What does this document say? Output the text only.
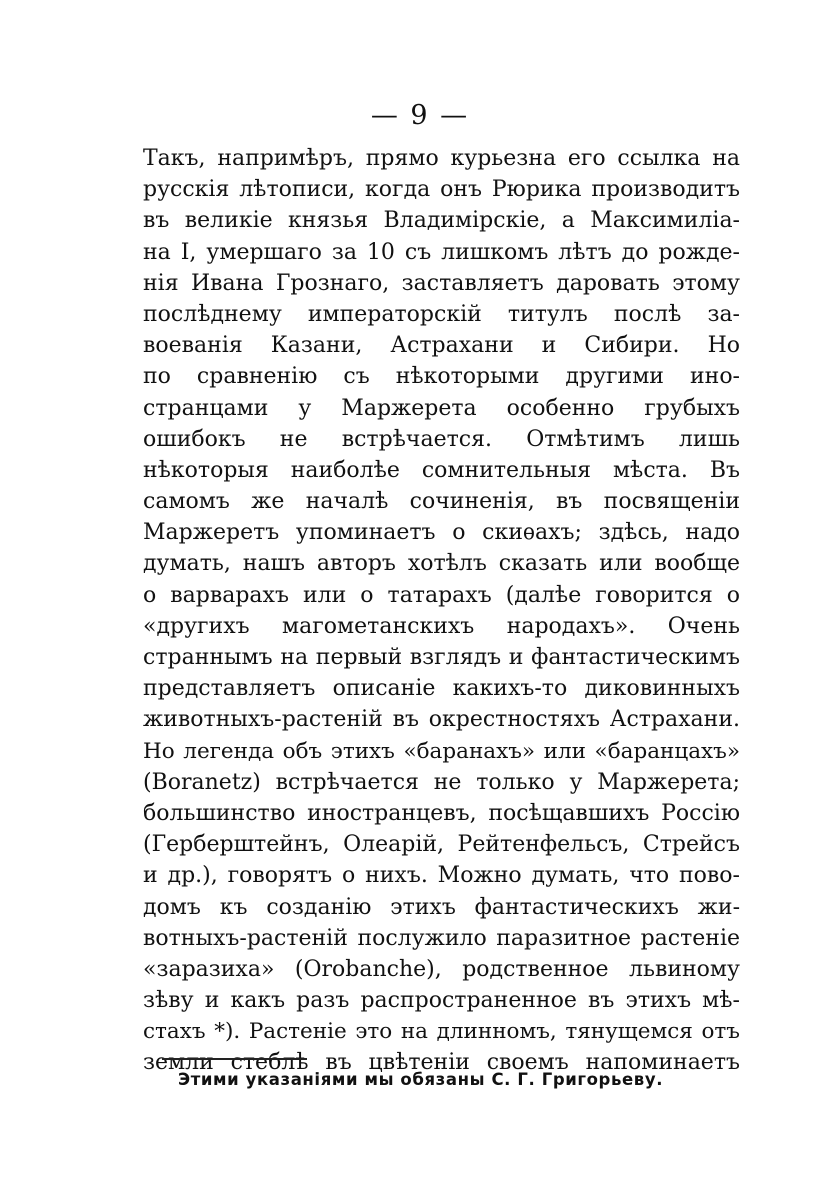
— 9 —
Такъ, напримѣръ, прямо курьезна его ссылка на
русскія лѣтописи, когда онъ Рюрика производитъ
въ великіе князья Владимірскіе, а Максимиліа-
на I, умершаго за 10 съ лишкомъ лѣтъ до рожде-
нія Ивана Грознаго, заставляетъ даровать этому
послѣднему императорскій титулъ послѣ за-
воеванія Казани, Астрахани и Сибири. Но
по сравненію съ нѣкоторыми другими ино-
странцами у Маржерета особенно грубыхъ
ошибокъ не встрѣчается. Отмѣтимъ лишь
нѣкоторыя наиболѣе сомнительныя мѣста. Въ
самомъ же началѣ сочиненія, въ посвященіи
Маржеретъ упоминаетъ о скиѳахъ; здѣсь, надо
думать, нашъ авторъ хотѣлъ сказать или вообще
о варварахъ или о татарахъ (далѣе говорится о
«другихъ магометанскихъ народахъ». Очень
страннымъ на первый взглядъ и фантастическимъ
представляетъ описаніе какихъ-то диковинныхъ
животныхъ-растеній въ окрестностяхъ Астрахани.
Но легенда объ этихъ «баранахъ» или «баранцахъ»
(Boranetz) встрѣчается не только у Маржерета;
большинство иностранцевъ, посѣщавшихъ Россію
(Герберштейнъ, Олеарій, Рейтенфельсъ, Стрейсъ
и др.), говорятъ о нихъ. Можно думать, что пово-
домъ къ созданію этихъ фантастическихъ жи-
вотныхъ-растеній послужило паразитное растеніе
«заразиха» (Orobanche), родственное львиному
зѣву и какъ разъ распространенное въ этихъ мѣ-
стахъ *). Растеніе это на длинномъ, тянущемся отъ
земли стеблѣ въ цвѣтеніи своемъ напоминаетъ
Этими указаніями мы обязаны С. Г. Григорьеву.
